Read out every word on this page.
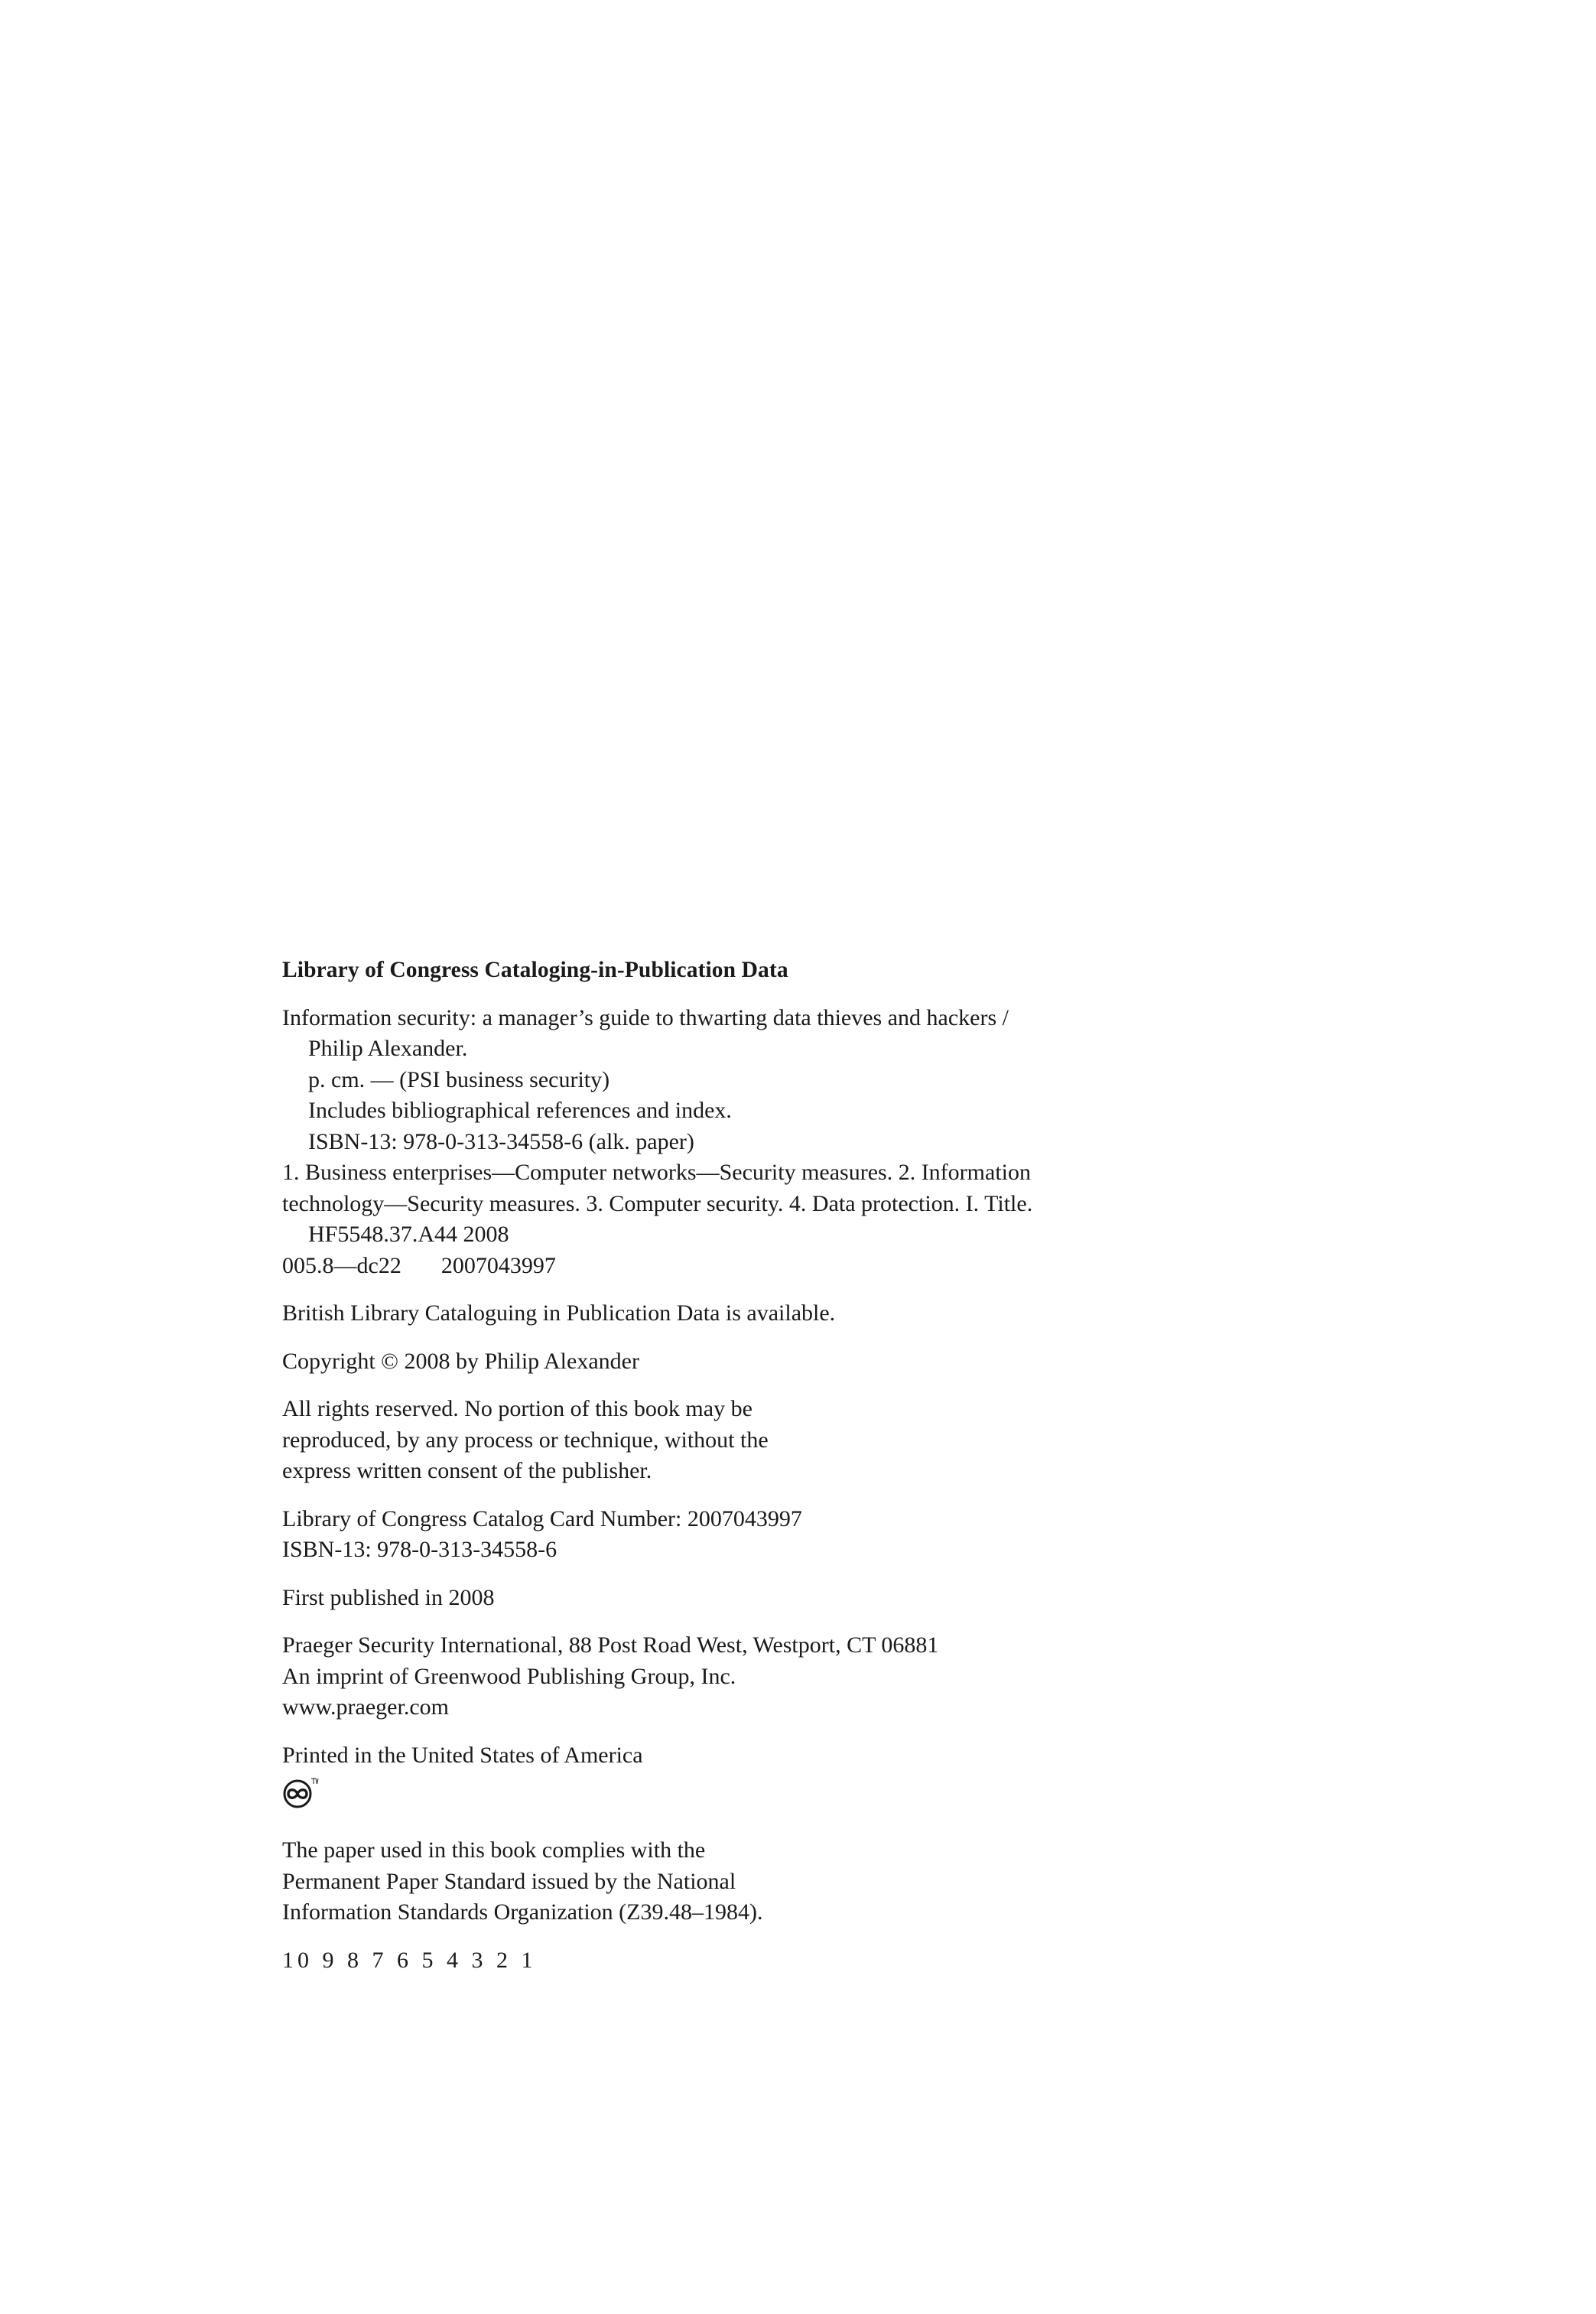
Library of Congress Cataloging-in-Publication Data
Information security: a manager’s guide to thwarting data thieves and hackers /
Philip Alexander.
p. cm. — (PSI business security)
Includes bibliographical references and index.
ISBN-13: 978-0-313-34558-6 (alk. paper)
1. Business enterprises—Computer networks—Security measures. 2. Information
technology—Security measures. 3. Computer security. 4. Data protection. I. Title.
HF5548.37.A44 2008
005.8—dc22 2007043997
British Library Cataloguing in Publication Data is available.
Copyright © 2008 by Philip Alexander
All rights reserved. No portion of this book may be
reproduced, by any process or technique, without the
express written consent of the publisher.
Library of Congress Catalog Card Number: 2007043997
ISBN-13: 978-0-313-34558-6
First published in 2008
Praeger Security International, 88 Post Road West, Westport, CT 06881
An imprint of Greenwood Publishing Group, Inc.
www.praeger.com
Printed in the United States of America
The paper used in this book complies with the
Permanent Paper Standard issued by the National
Information Standards Organization (Z39.48–1984).
10 9 8 7 6 5 4 3 2 1
